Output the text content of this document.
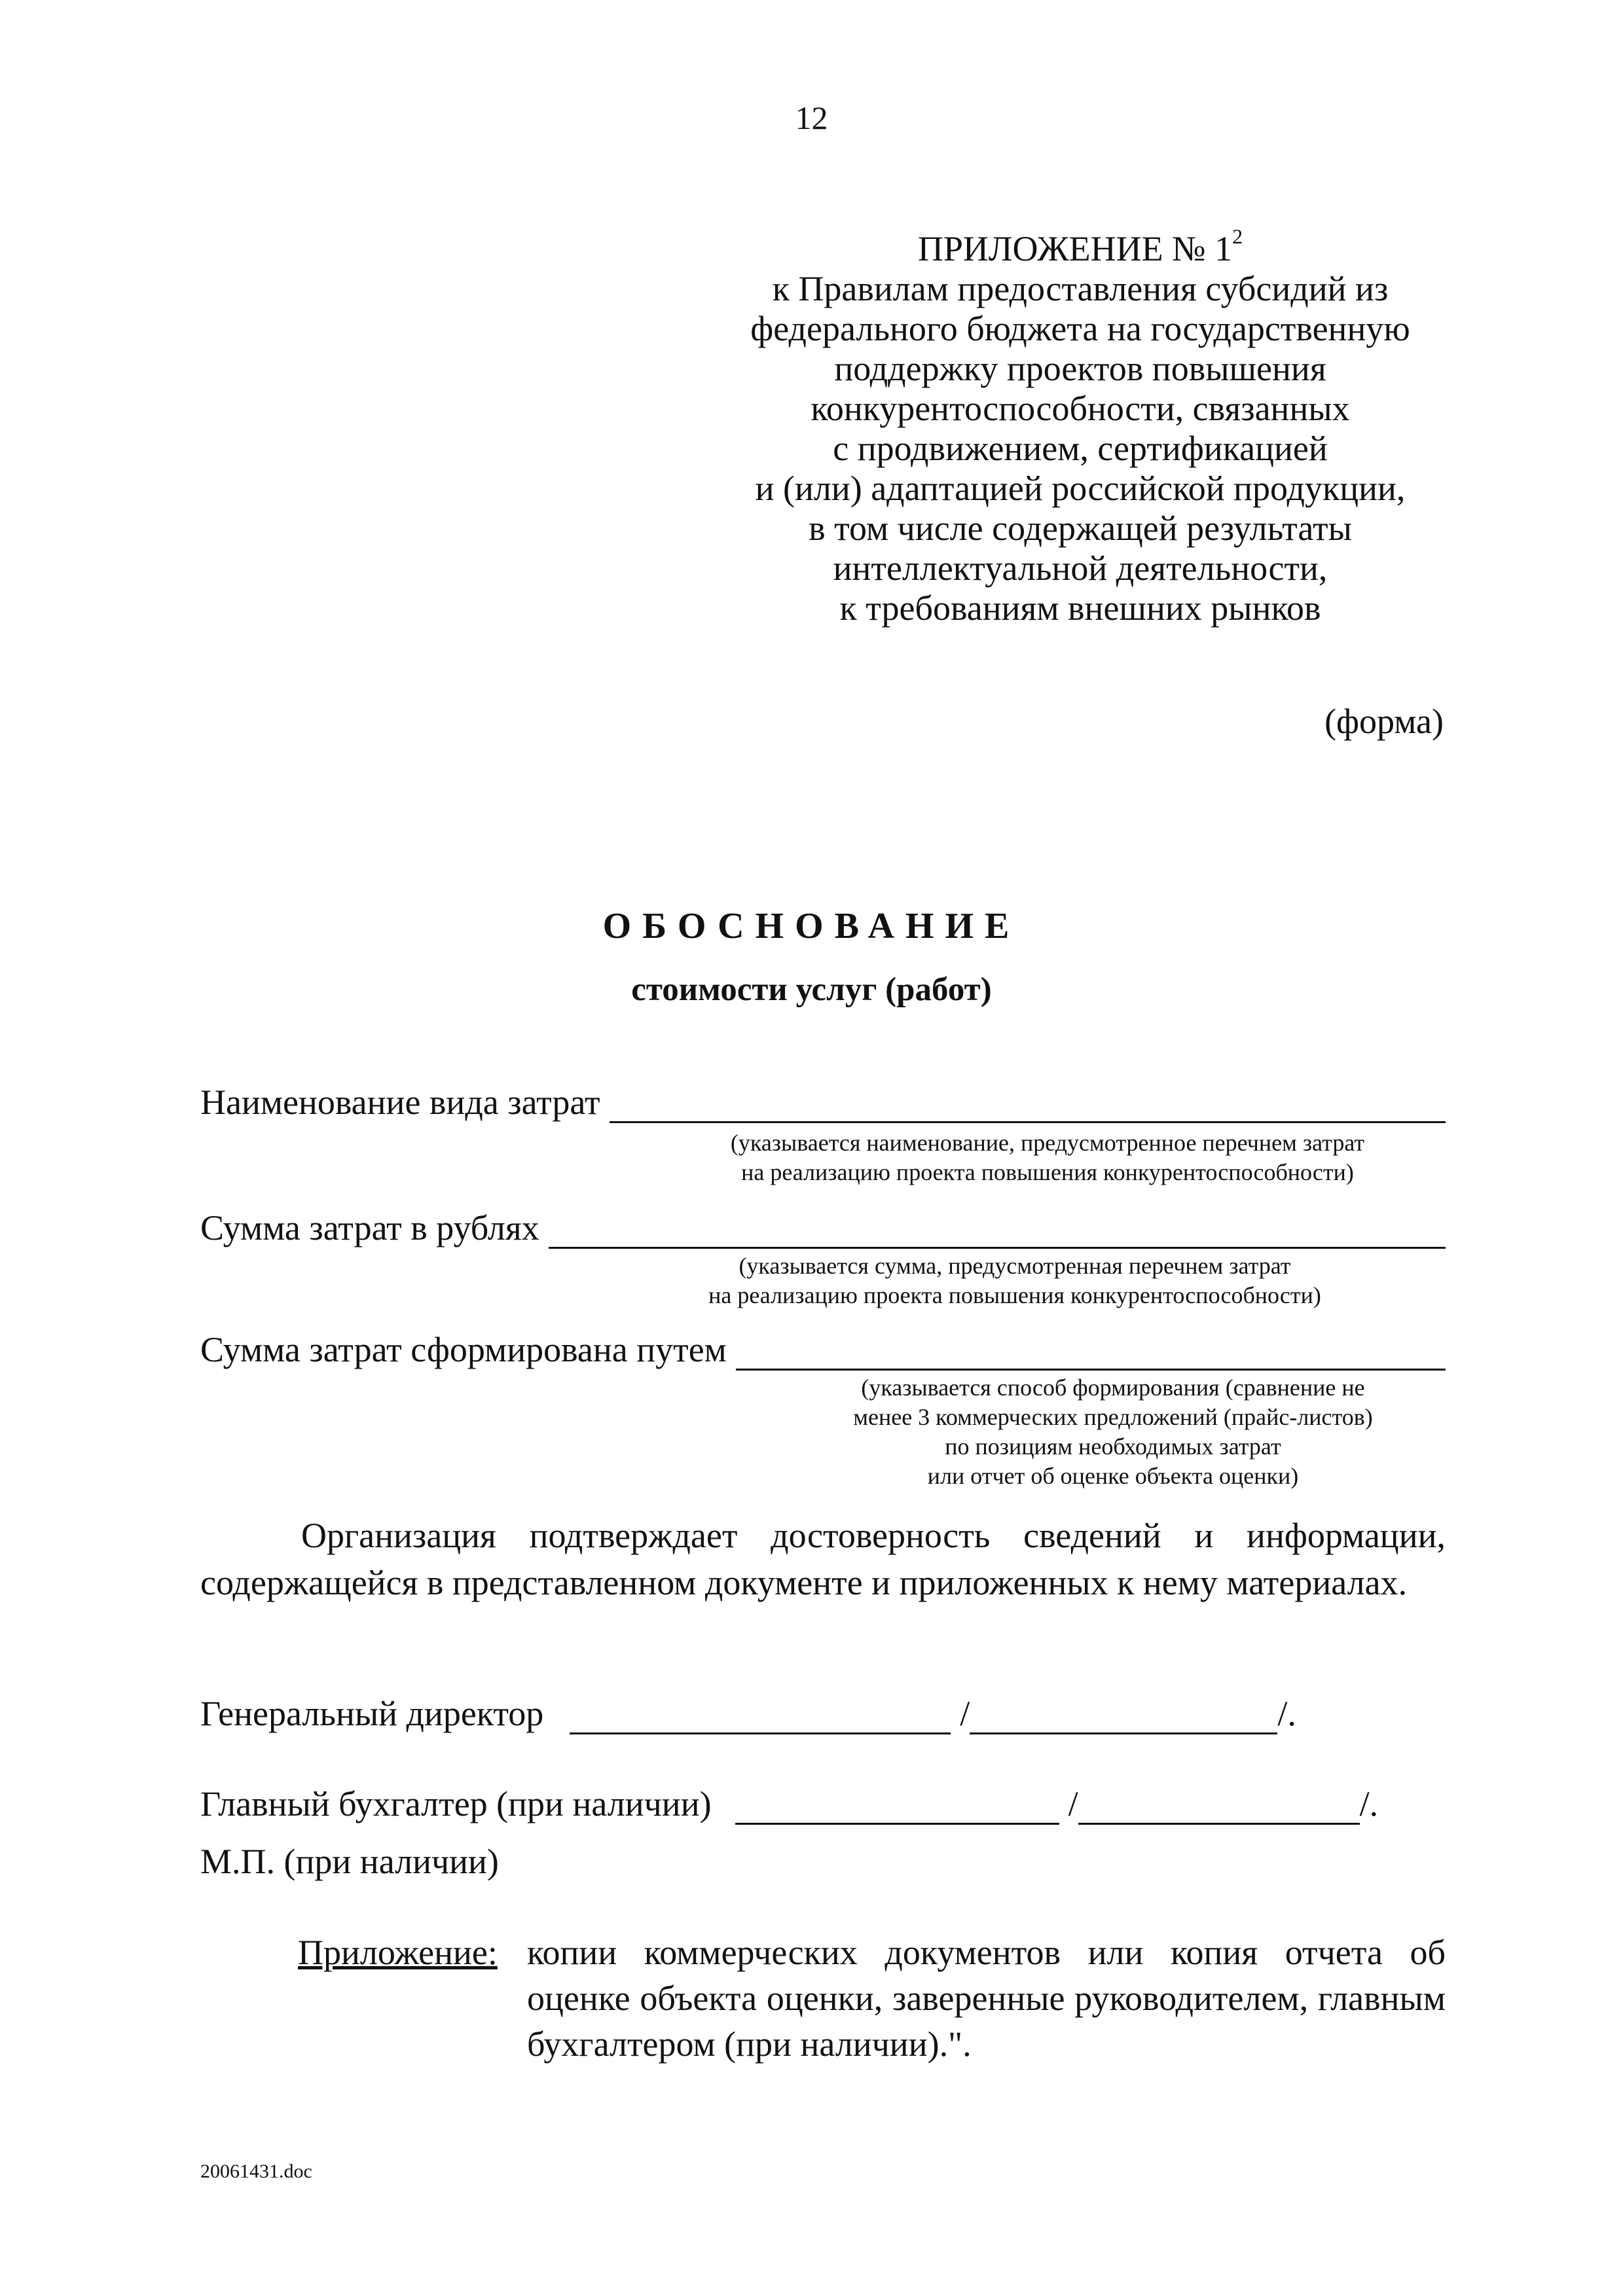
12
ПРИЛОЖЕНИЕ № $1^2$
к Правилам предоставления субсидий из
федерального бюджета на государственную
поддержку проектов повышения
конкурентоспособности, связанных
с продвижением, сертификацией
и (или) адаптацией российской продукции,
в том числе содержащей результаты
интеллектуальной деятельности,
к требованиям внешних рынков
(форма)
ОБОСНОВАНИЕ
стоимости услуг (работ)
Наименование вида затрат
(указывается наименование, предусмотренное перечнем затрат
на реализацию проекта повышения конкурентоспособности)
Сумма затрат в рублях
(указывается сумма, предусмотренная перечнем затрат
на реализацию проекта повышения конкурентоспособности)
Сумма затрат сформирована путем
(указывается способ формирования (сравнение не
менее 3 коммерческих предложений (прайс-листов)
по позициям необходимых затрат
или отчет об оценке объекта оценки)
Организация подтверждает достоверность сведений и информации, содержащейся в представленном документе и приложенных к нему материалах.
Генеральный директор	/	/.
Главный бухгалтер (при наличии)	/	/.
М.П. (при наличии)
Приложение: копии коммерческих документов или копия отчета об оценке объекта оценки, заверенные руководителем, главным бухгалтером (при наличии).".
20061431.doc
